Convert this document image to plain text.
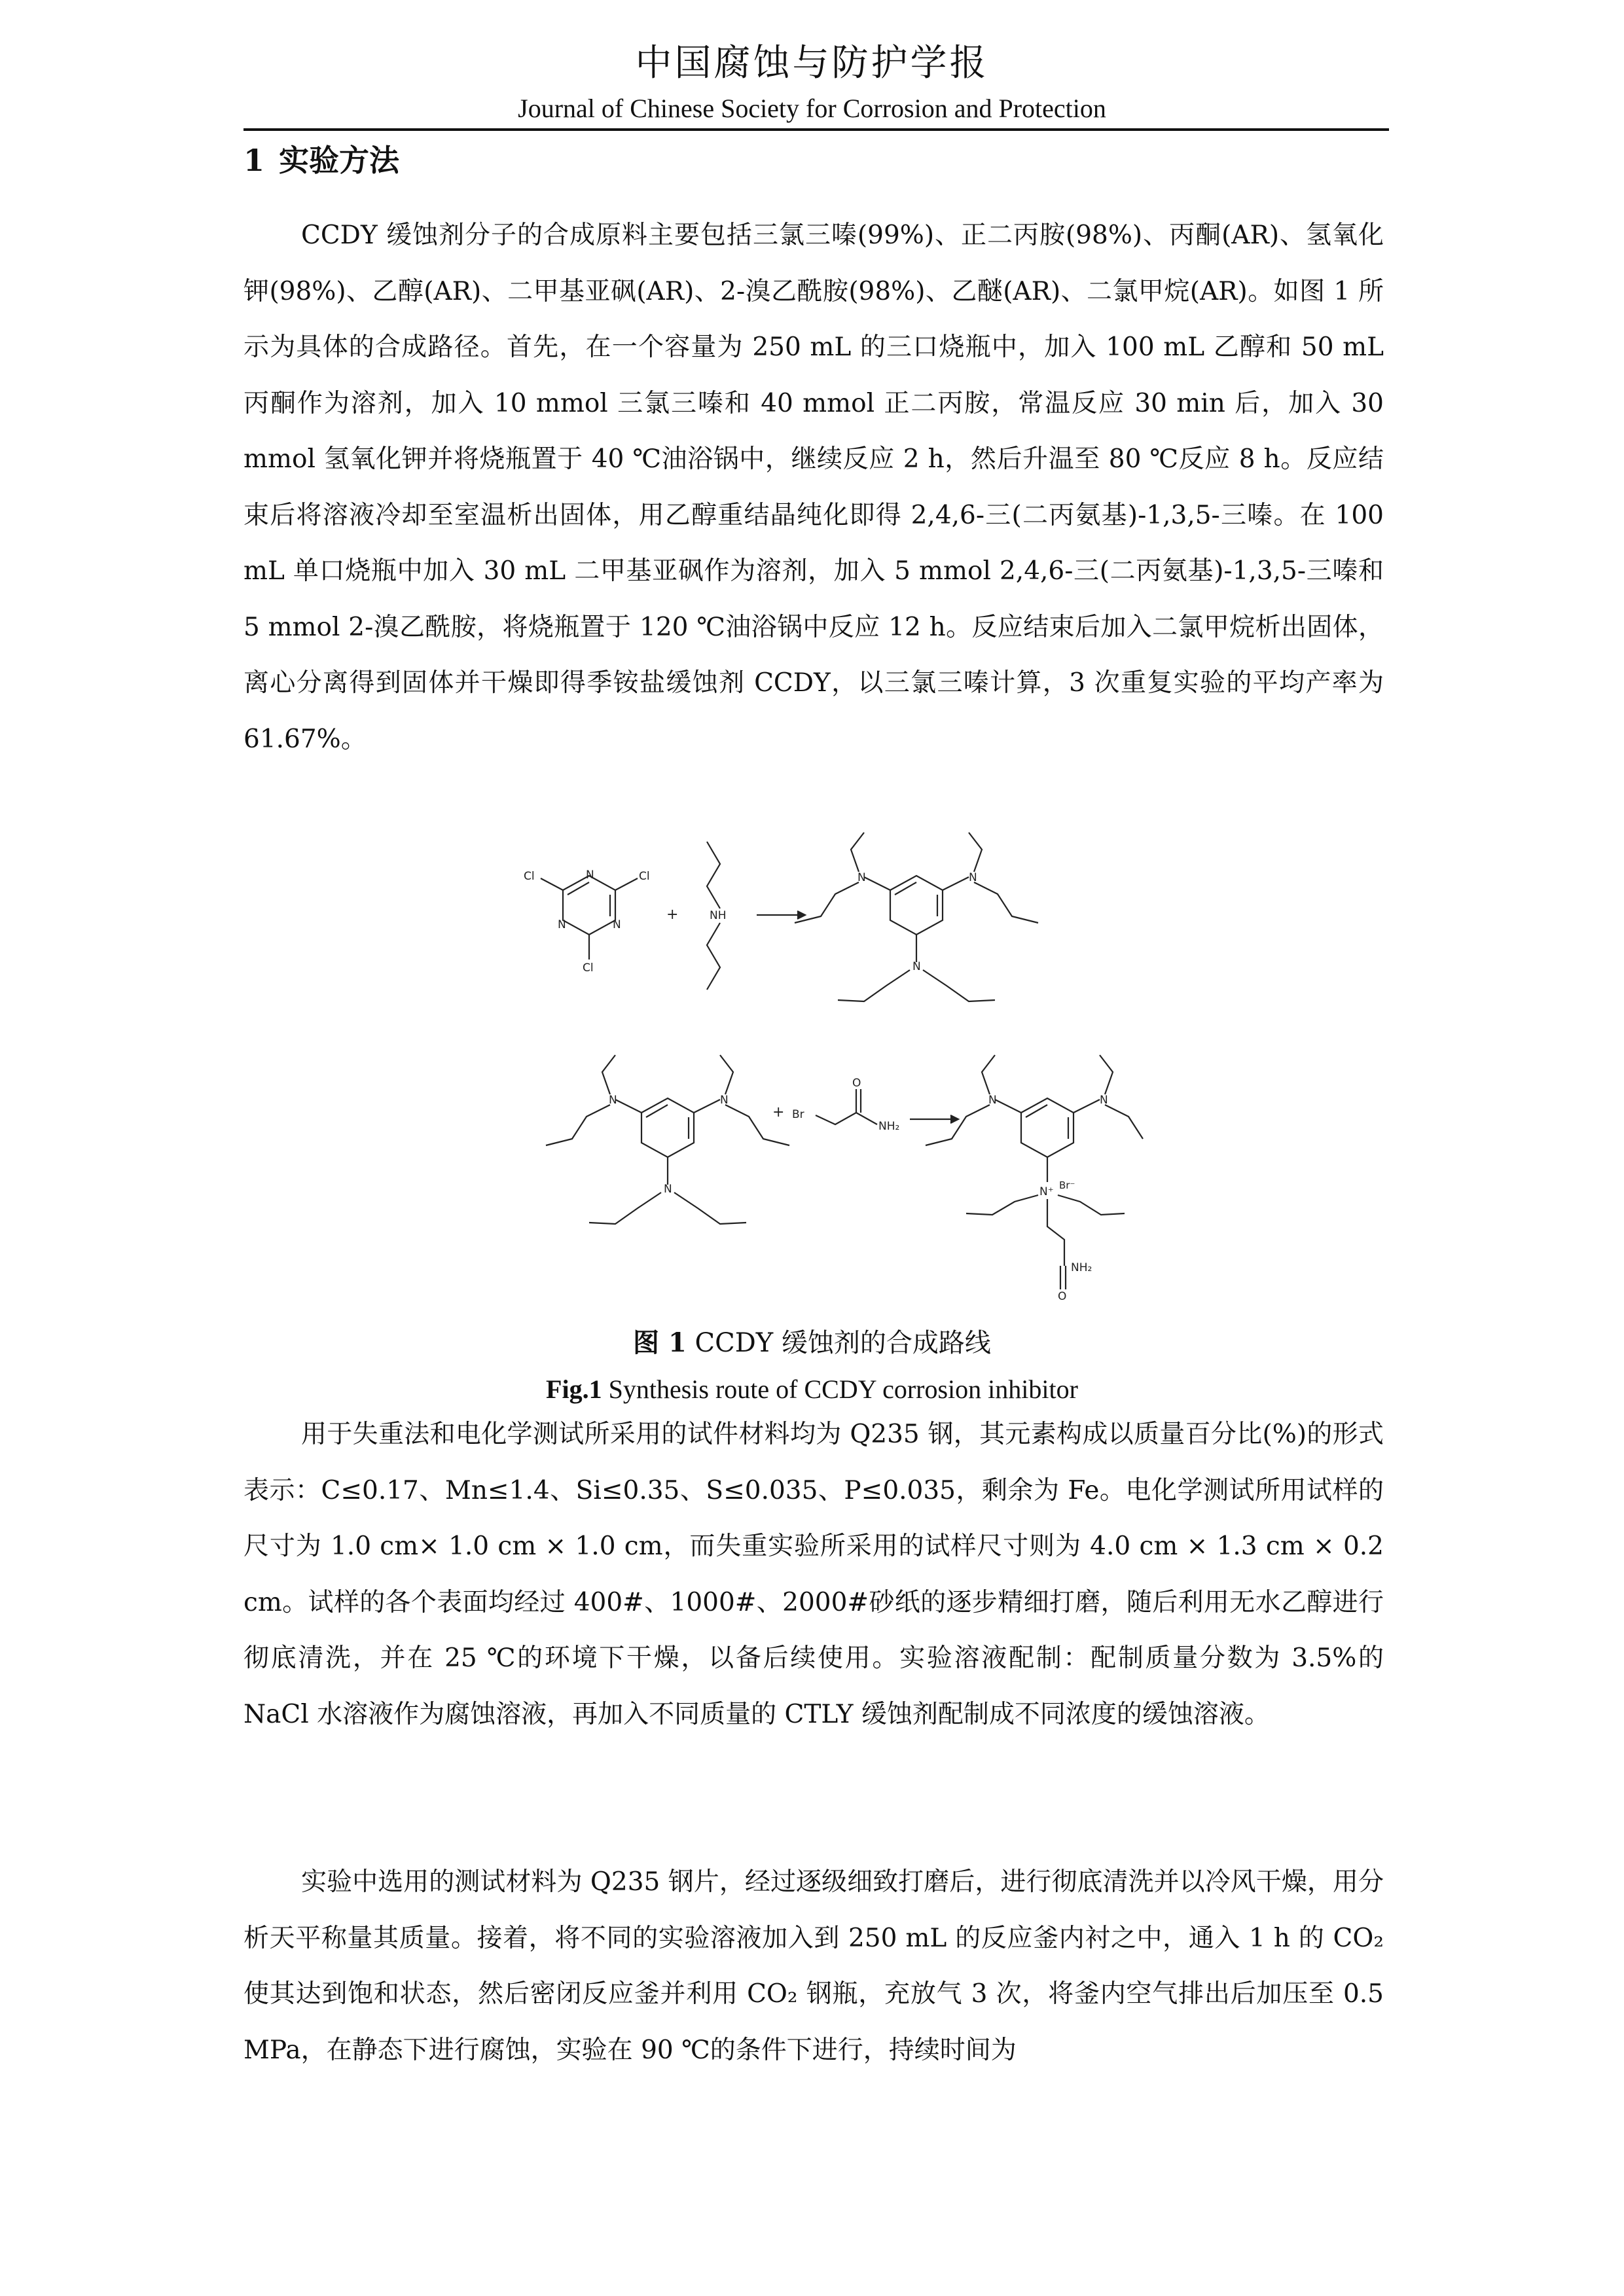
中国腐蚀与防护学报
Journal of Chinese Society for Corrosion and Protection
1 实验方法

CCDY 缓蚀剂分子的合成原料主要包括三氯三嗪(99%)、正二丙胺(98%)、丙酮(AR)、氢氧化钾(98%)、乙醇(AR)、二甲基亚砜(AR)、2-溴乙酰胺(98%)、乙醚(AR)、二氯甲烷(AR)。如图 1 所示为具体的合成路径。首先，在一个容量为 250 mL 的三口烧瓶中，加入 100 mL 乙醇和 50 mL 丙酮作为溶剂，加入 10 mmol 三氯三嗪和 40 mmol 正二丙胺，常温反应 30 min 后，加入 30 mmol 氢氧化钾并将烧瓶置于 40 ℃油浴锅中，继续反应 2 h，然后升温至 80 ℃反应 8 h。反应结束后将溶液冷却至室温析出固体，用乙醇重结晶纯化即得 2,4,6-三(二丙氨基)-1,3,5-三嗪。在 100 mL 单口烧瓶中加入 30 mL 二甲基亚砜作为溶剂，加入 5 mmol 2,4,6-三(二丙氨基)-1,3,5-三嗪和 5 mmol 2-溴乙酰胺，将烧瓶置于 120 ℃油浴锅中反应 12 h。反应结束后加入二氯甲烷析出固体，离心分离得到固体并干燥即得季铵盐缓蚀剂 CCDY，以三氯三嗪计算，3 次重复实验的平均产率为 61.67%。

Cl	Cl
Cl
N
N	N
+	NH
N	N
N
N	N
N
+ Br
O
NH₂
N	N
N⁺ Br⁻
NH₂
O
图 1 CCDY 缓蚀剂的合成路线
Fig.1 Synthesis route of CCDY corrosion inhibitor

用于失重法和电化学测试所采用的试件材料均为 Q235 钢，其元素构成以质量百分比(%)的形式表示：C≤0.17、Mn≤1.4、Si≤0.35、S≤0.035、P≤0.035，剩余为 Fe。电化学测试所用试样的尺寸为 1.0 cm× 1.0 cm × 1.0 cm，而失重实验所采用的试样尺寸则为 4.0 cm × 1.3 cm × 0.2 cm。试样的各个表面均经过 400#、1000#、2000#砂纸的逐步精细打磨，随后利用无水乙醇进行彻底清洗，并在 25 ℃的环境下干燥，以备后续使用。实验溶液配制：配制质量分数为 3.5%的 NaCl 水溶液作为腐蚀溶液，再加入不同质量的 CTLY 缓蚀剂配制成不同浓度的缓蚀溶液。

实验中选用的测试材料为 Q235 钢片，经过逐级细致打磨后，进行彻底清洗并以冷风干燥，用分析天平称量其质量。接着，将不同的实验溶液加入到 250 mL 的反应釜内衬之中，通入 1 h 的 CO₂ 使其达到饱和状态，然后密闭反应釜并利用 CO₂ 钢瓶，充放气 3 次，将釜内空气排出后加压至 0.5 MPa，在静态下进行腐蚀，实验在 90 ℃的条件下进行，持续时间为
